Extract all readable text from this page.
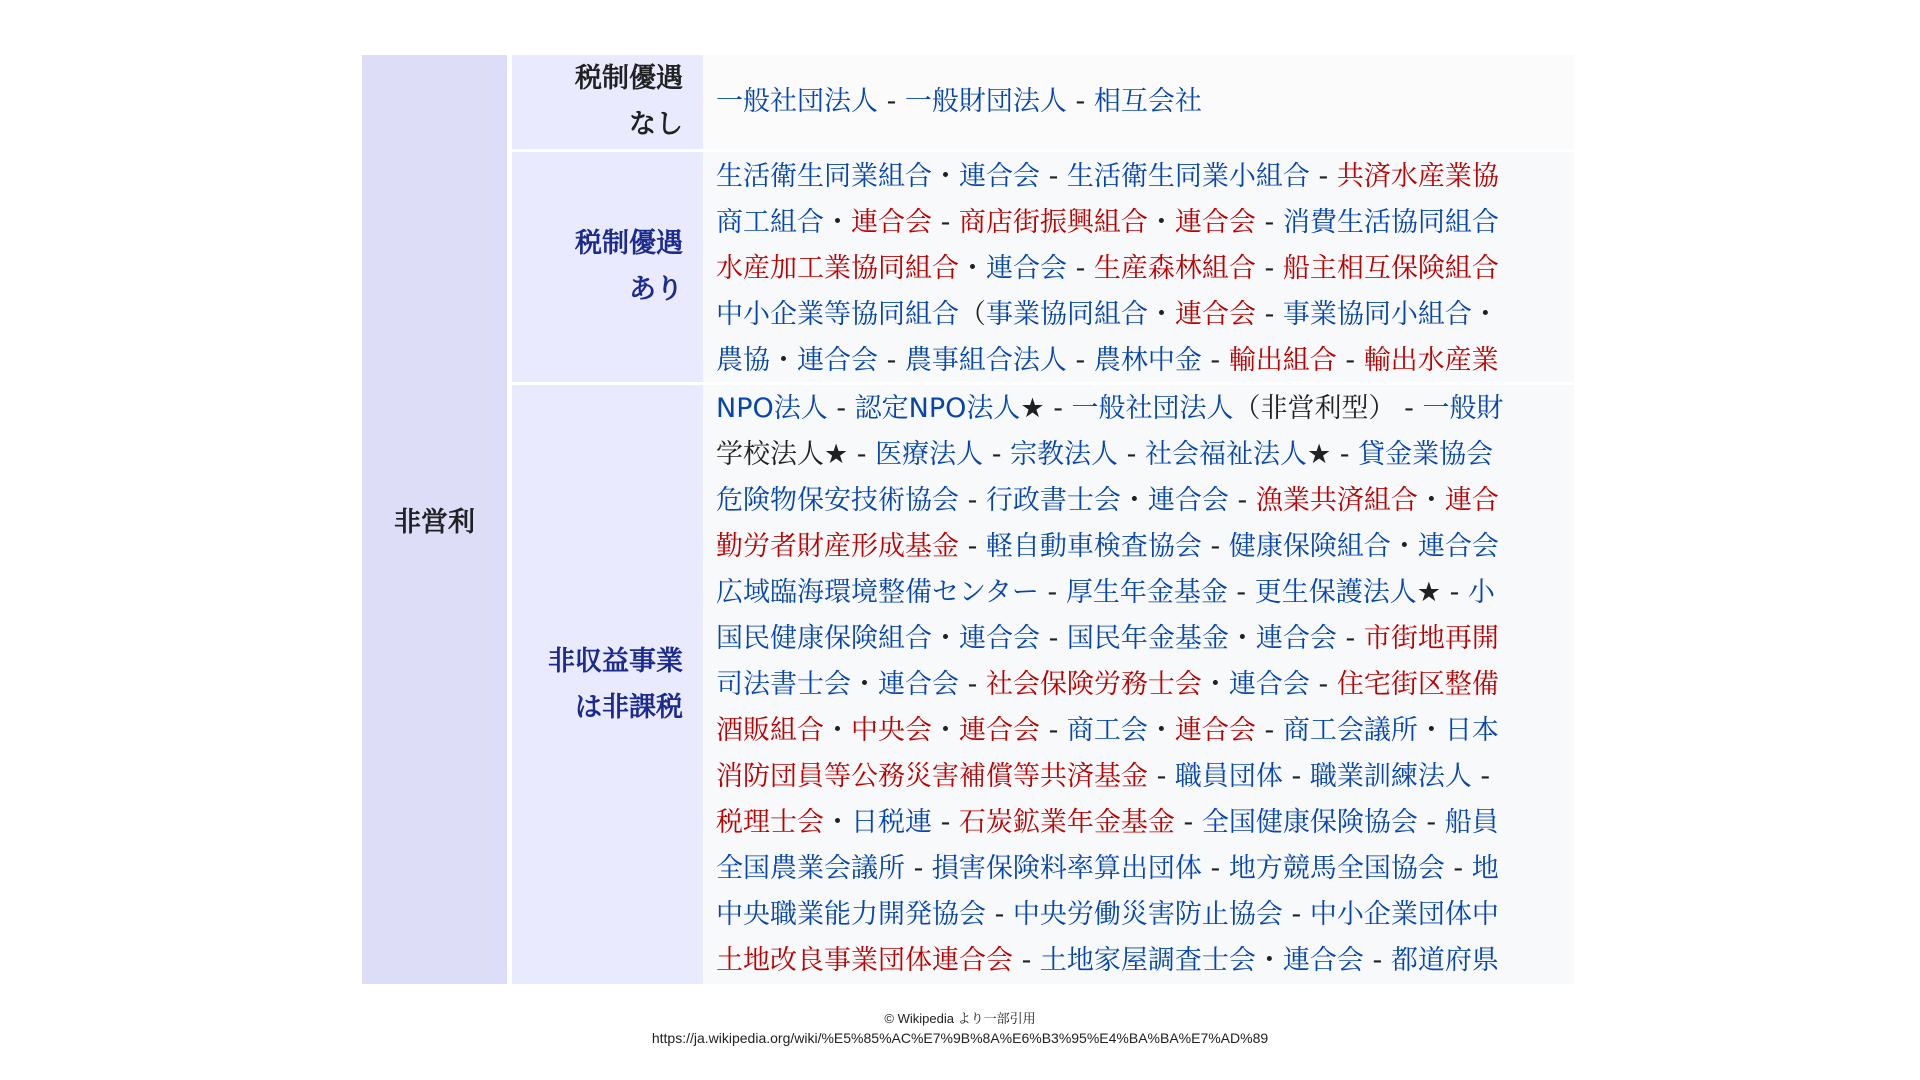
非営利
税制優遇
なし
一般社団法人 - 一般財団法人 - 相互会社
税制優遇
あり
生活衛生同業組合・連合会 - 生活衛生同業小組合 - 共済水産業協
商工組合・連合会 - 商店街振興組合・連合会 - 消費生活協同組合
水産加工業協同組合・連合会 - 生産森林組合 - 船主相互保険組合
中小企業等協同組合（事業協同組合・連合会 - 事業協同小組合・
農協・連合会 - 農事組合法人 - 農林中金 - 輸出組合 - 輸出水産業
非収益事業
は非課税
NPO法人 - 認定NPO法人★ - 一般社団法人（非営利型） - 一般財
学校法人★ - 医療法人 - 宗教法人 - 社会福祉法人★ - 貸金業協会
危険物保安技術協会 - 行政書士会・連合会 - 漁業共済組合・連合
勤労者財産形成基金 - 軽自動車検査協会 - 健康保険組合・連合会
広域臨海環境整備センター - 厚生年金基金 - 更生保護法人★ - 小
国民健康保険組合・連合会 - 国民年金基金・連合会 - 市街地再開
司法書士会・連合会 - 社会保険労務士会・連合会 - 住宅街区整備
酒販組合・中央会・連合会 - 商工会・連合会 - 商工会議所・日本
消防団員等公務災害補償等共済基金 - 職員団体 - 職業訓練法人 -
税理士会・日税連 - 石炭鉱業年金基金 - 全国健康保険協会 - 船員
全国農業会議所 - 損害保険料率算出団体 - 地方競馬全国協会 - 地
中央職業能力開発協会 - 中央労働災害防止協会 - 中小企業団体中
土地改良事業団体連合会 - 土地家屋調査士会・連合会 - 都道府県
© Wikipedia より一部引用
https://ja.wikipedia.org/wiki/%E5%85%AC%E7%9B%8A%E6%B3%95%E4%BA%BA%E7%AD%89
